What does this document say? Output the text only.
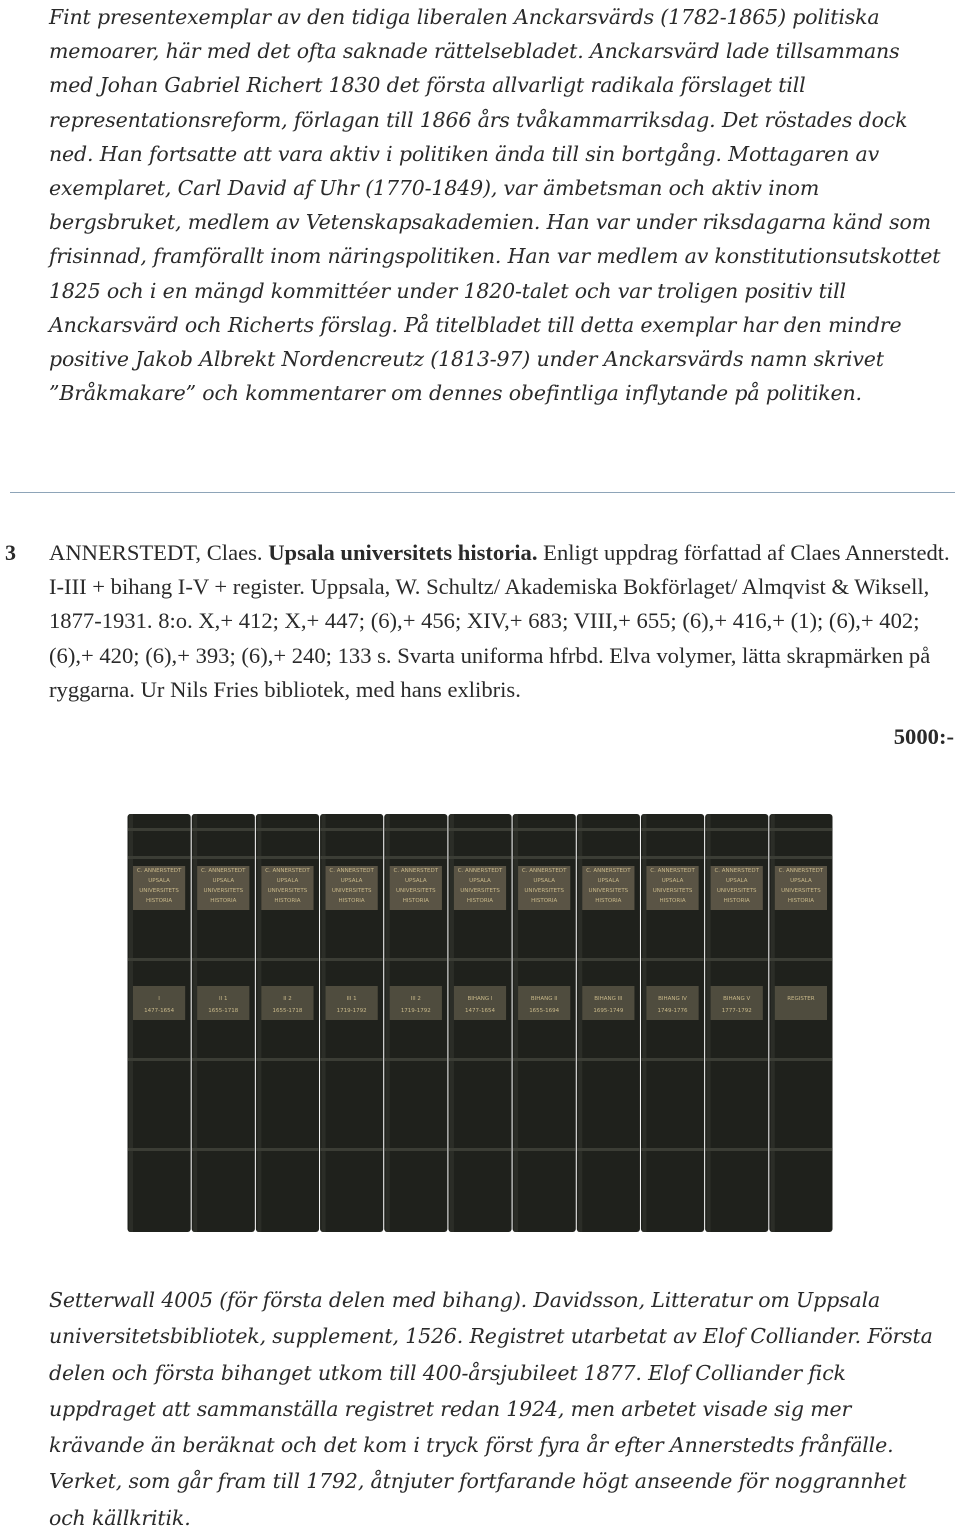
Fint presentexemplar av den tidiga liberalen Anckarsvärds (1782-1865) politiska memoarer, här med det ofta saknade rättelsebladet. Anckarsvärd lade tillsammans med Johan Gabriel Richert 1830 det första allvarligt radikala förslaget till representationsreform, förlagan till 1866 års tvåkammarriksdag. Det röstades dock ned. Han fortsatte att vara aktiv i politiken ända till sin bortgång. Mottagaren av exemplaret, Carl David af Uhr (1770-1849), var ämbetsman och aktiv inom bergsbruket, medlem av Vetenskapsakademien. Han var under riksdagarna känd som frisinnad, framförallt inom näringspolitiken. Han var medlem av konstitutionsutskottet 1825 och i en mängd kommittéer under 1820-talet och var troligen positiv till Anckarsvärd och Richerts förslag. På titelbladet till detta exemplar har den mindre positive Jakob Albrekt Nordencreutz (1813-97) under Anckarsvärds namn skrivet ”Bråkmakare” och kommentarer om dennes obefintliga inflytande på politiken.

3 ANNERSTEDT, Claes. Upsala universitets historia. Enligt uppdrag författad af Claes Annerstedt. I-III + bihang I-V + register. Uppsala, W. Schultz/ Akademiska Bokförlaget/ Almqvist & Wiksell, 1877-1931. 8:o. X,+ 412; X,+ 447; (6),+ 456; XIV,+ 683; VIII,+ 655; (6),+ 416,+ (1); (6),+ 402; (6),+ 420; (6),+ 393; (6),+ 240; 133 s. Svarta uniforma hfrbd. Elva volymer, lätta skrapmärken på ryggarna. Ur Nils Fries bibliotek, med hans exlibris.

5000:-
C. ANNERSTEDT
UPSALA
UNIVERSITETS
HISTORIA
I
1477-1654
C. ANNERSTEDT
UPSALA
UNIVERSITETS
HISTORIA
II 1
1655-1718
C. ANNERSTEDT
UPSALA
UNIVERSITETS
HISTORIA
II 2
1655-1718
C. ANNERSTEDT
UPSALA
UNIVERSITETS
HISTORIA
III 1
1719-1792
C. ANNERSTEDT
UPSALA
UNIVERSITETS
HISTORIA
III 2
1719-1792
C. ANNERSTEDT
UPSALA
UNIVERSITETS
HISTORIA
BIHANG I
1477-1654
C. ANNERSTEDT
UPSALA
UNIVERSITETS
HISTORIA
BIHANG II
1655-1694
C. ANNERSTEDT
UPSALA
UNIVERSITETS
HISTORIA
BIHANG III
1695-1749
C. ANNERSTEDT
UPSALA
UNIVERSITETS
HISTORIA
BIHANG IV
1749-1776
C. ANNERSTEDT
UPSALA
UNIVERSITETS
HISTORIA
BIHANG V
1777-1792
C. ANNERSTEDT
UPSALA
UNIVERSITETS
HISTORIA
REGISTER

Setterwall 4005 (för första delen med bihang). Davidsson, Litteratur om Uppsala universitetsbibliotek, supplement, 1526. Registret utarbetat av Elof Colliander. Första delen och första bihanget utkom till 400-årsjubileet 1877. Elof Colliander fick uppdraget att sammanställa registret redan 1924, men arbetet visade sig mer krävande än beräknat och det kom i tryck först fyra år efter Annerstedts frånfälle. Verket, som går fram till 1792, åtnjuter fortfarande högt anseende för noggrannhet och källkritik.
